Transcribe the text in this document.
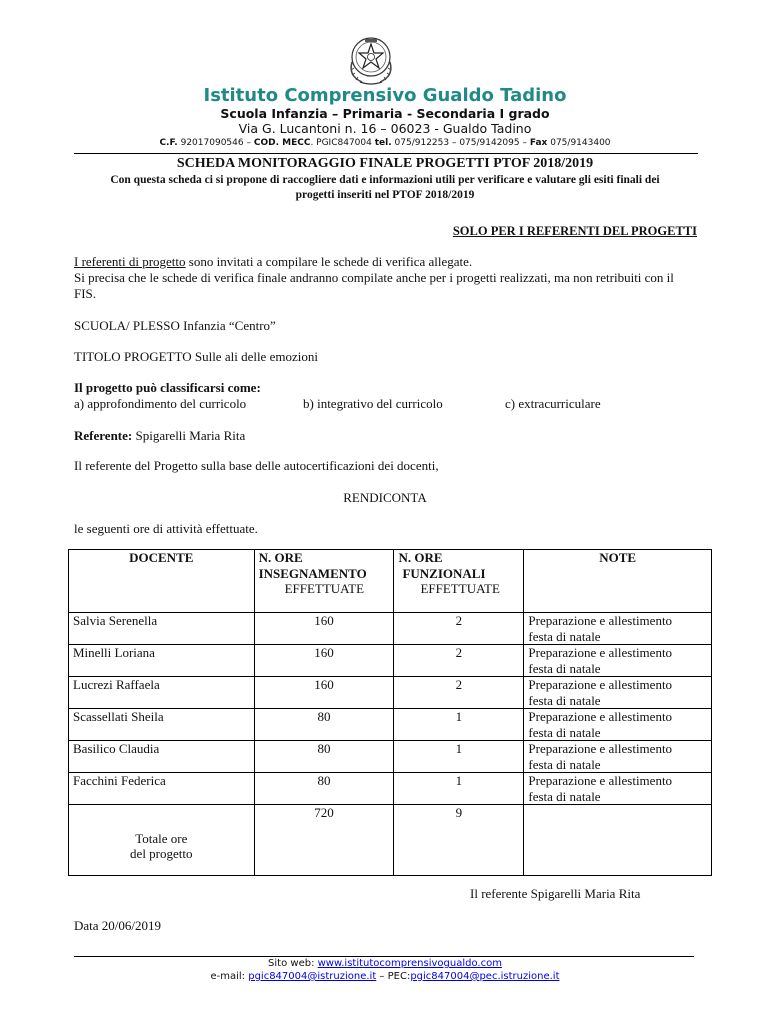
Istituto Comprensivo Gualdo Tadino
Scuola Infanzia – Primaria - Secondaria I grado
Via G. Lucantoni n. 16 – 06023 - Gualdo Tadino
C.F. 92017090546 – COD. MECC. PGIC847004 tel. 075/912253 – 075/9142095 – Fax 075/9143400
SCHEDA MONITORAGGIO FINALE PROGETTI PTOF 2018/2019
Con questa scheda ci si propone di raccogliere dati e informazioni utili per verificare e valutare gli esiti finali dei progetti inseriti nel PTOF 2018/2019
SOLO PER I REFERENTI DEL PROGETTI
I referenti di progetto sono invitati a compilare le schede di verifica allegate.
Si precisa che le schede di verifica finale andranno compilate anche per i progetti realizzati, ma non retribuiti con il FIS.
SCUOLA/ PLESSO Infanzia “Centro”
TITOLO PROGETTO Sulle ali delle emozioni
Il progetto può classificarsi come:
a) approfondimento del curricolo	b) integrativo del curricolo	c) extracurriculare
Referente: Spigarelli Maria Rita
Il referente del Progetto sulla base delle autocertificazioni dei docenti,
RENDICONTA
le seguenti ore di attività effettuate.
DOCENTE	N. ORE
INSEGNAMENTO
EFFETTUATE	N. ORE
FUNZIONALI
EFFETTUATE	NOTE
Salvia Serenella	160	2	Preparazione e allestimento
festa di natale

Minelli Loriana	160	2	Preparazione e allestimento
festa di natale

Lucrezi Raffaela	160	2	Preparazione e allestimento
festa di natale

Scassellati Sheila	80	1	Preparazione e allestimento
festa di natale

Basilico Claudia	80	1	Preparazione e allestimento
festa di natale

Facchini Federica	80	1	Preparazione e allestimento
festa di natale

Totale ore
del progetto	720	9	
Il referente Spigarelli Maria Rita
Data 20/06/2019
Sito web: www.istitutocomprensivogualdo.com
e-mail: pgic847004@istruzione.it – PEC:pgic847004@pec.istruzione.it
